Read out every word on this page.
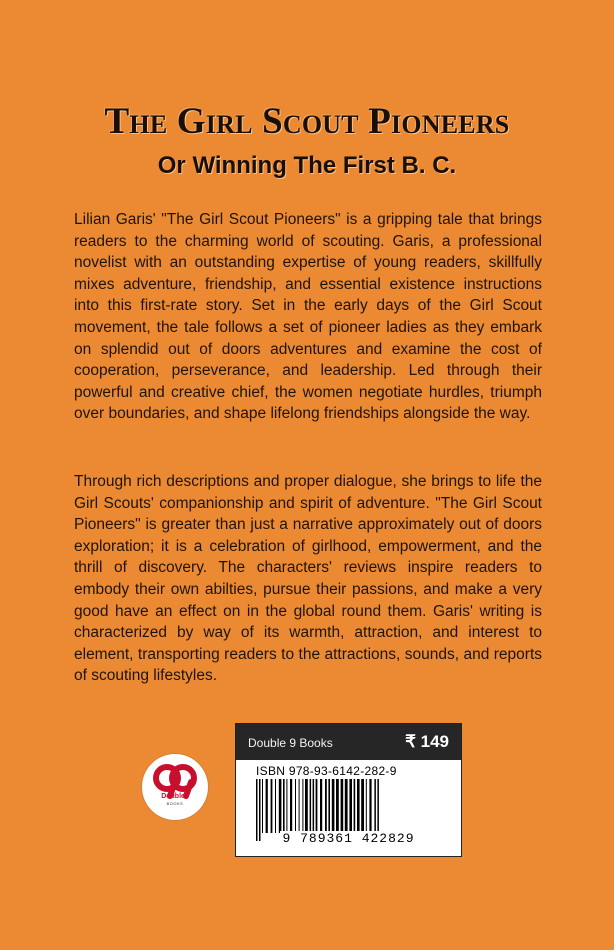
The Girl Scout Pioneers
Or Winning The First B. C.

Lilian Garis' "The Girl Scout Pioneers" is a gripping tale that brings readers to the charming world of scouting. Garis, a professional novelist with an outstanding expertise of young readers, skillfully mixes adventure, friendship, and essential existence instructions into this first-rate story. Set in the early days of the Girl Scout movement, the tale follows a set of pioneer ladies as they embark on splendid out of doors adventures and examine the cost of cooperation, perseverance, and leadership. Led through their powerful and creative chief, the women negotiate hurdles, triumph over boundaries, and shape lifelong friendships alongside the way.

Through rich descriptions and proper dialogue, she brings to life the Girl Scouts' companionship and spirit of adventure. "The Girl Scout Pioneers" is greater than just a narrative approximately out of doors exploration; it is a celebration of girlhood, empowerment, and the thrill of discovery. The characters' reviews inspire readers to embody their own abilties, pursue their passions, and make a very good have an effect on in the global round them. Garis' writing is characterized by way of its warmth, attraction, and interest to element, transporting readers to the attractions, sounds, and reports of scouting lifestyles.

Double9
BOOKS
Double 9 Books	₹ 149
ISBN 978-93-6142-282-9
9 789361 422829
